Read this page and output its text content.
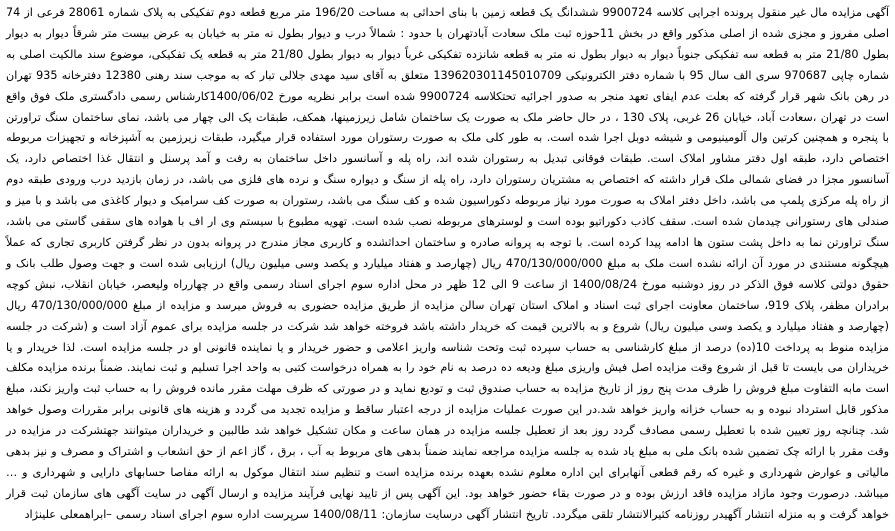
آگهی مزایده مال غیر منقول پرونده اجرایی کلاسه 9900724 ششدانگ یک قطعه زمین با بنای احداثی به مساحت 196/20 متر مربع قطعه دوم تفکیکی به پلاک شماره 28061 فرعی از 74 اصلی مفروز و مجزی شده از اصلی مذکور واقع در بخش 11حوزه ثبت ملک سعادت آبادتهران با حدود : شمالاً درب و دیوار بطول نه متر به خیابان به عرض بیست متر شرقاً دیوار به دیوار بطول 21/80 متر به قطعه سه تفکیکی جنوباً دیوار به دیوار بطول نه متر به قطعه شانزده تفکیکی غرباً دیوار به دیوار بطول 21/80 متر به قطعه یک تفکیکی، موضوع سند مالکیت اصلی به شماره چاپی 970687 سری الف سال 95 با شماره دفتر الکترونیکی 139620301145010709 متعلق به آقای سید مهدی جلالی تبار که به موجب سند رهنی 12380 دفترخانه 935 تهران در رهن بانک شهر قرار گرفته که بعلت عدم ایفای تعهد منجر به صدور اجرائیه تحتکلاسه 9900724 شده است برابر نظریه مورخ 1400/06/02کارشناس رسمی دادگستری ملک فوق واقع است در تهران ،سعادت آباد، خیابان 26 غربی، پلاک 130 ، در حال حاضر ملک به صورت یک ساختمان شامل زیرزمینها، همکف، طبقات یک الی چهار می باشد، نمای ساختمان سنگ تراورتن با پنجره و همچنین کرتین وال آلومینیومی و شیشه دوبل اجرا شده است. به طور کلی ملک به صورت رستوران مورد استفاده قرار میگیرد، طبقات زیرزمین به آشپزخانه و تجهیزات مربوطه اختصاص دارد، طبقه اول دفتر مشاور املاک است. طبقات فوقانی تبدیل به رستوران شده اند، راه پله و آسانسور داخل ساختمان به رفت و آمد پرسنل و انتقال غذا اختصاص دارد، یک آسانسور مجزا در فضای شمالی ملک قرار داشته که اختصاص به مشتریان رستوران دارد، راه پله از سنگ و دیواره سنگ و نرده های فلزی می باشد، در زمان بازدید درب ورودی طبقه دوم از راه پله مرکزی پلمپ می باشد، داخل دفتر املاک به صورت مورد نیاز مربوطه دکوراسیون شده و کف سنگ می باشد، رستوران به صورت کف سرامیک و دیوار کاغذی می باشد و با میز و صندلی های رستورانی چیدمان شده است. سقف کاذب دکوراتیو بوده است و لوسترهای مربوطه نصب شده است. تهویه مطبوع با سیستم وی ار اف با هواده های سقفی گاستی می باشد، سنگ تراورتن نما به داخل پشت ستون ها ادامه پیدا کرده است. با توجه به پروانه صادره و ساختمان احداثشده و کاربری مجاز مندرج در پروانه بدون در نظر گرفتن کاربری تجاری که عملاً هیچگونه مستندی در مورد آن ارائه نشده است ملک به مبلغ 470/130/000/000 ریال (چهارصد و هفتاد میلیارد و یکصد وسی میلیون ریال) ارزیابی شده است و جهت وصول طلب بانک و حقوق دولتی کلاسه فوق الذکر در روز دوشنبه مورخ 1400/08/24 از ساعت 9 الی 12 ظهر در محل اداره سوم اجرای اسناد رسمی واقع در چهارراه ولیعصر، خیابان انقلاب، نبش کوچه برادران مظفر، پلاک 919، ساختمان معاونت اجرای ثبت اسناد و املاک استان تهران سالن مزایده از طریق مزایده حضوری به فروش میرسد و مزایده از مبلغ 470/130/000/000 ریال (چهارصد و هفتاد میلیارد و یکصد وسی میلیون ریال) شروع و به بالاترین قیمت که خریدار داشته باشد فروخته خواهد شد شرکت در جلسه مزایده برای عموم آزاد است و (شرکت در جلسه مزایده منوط به پرداخت 10(ده) درصد از مبلغ کارشناسی به حساب سپرده ثبت وتحت شناسه واریز اعلامی و حضور خریدار و یا نماینده قانونی او در جلسه مزایده است. لذا خریدار و یا خریداران می بایست تا قبل از شروع وقت مزایده اصل فیش واریزی مبلغ ودیعه ده درصد به نام خود را به همراه درخواست کتبی به واحد اجرا تسلیم و ثبت نمایند. ضمناً برنده مزایده مکلف است مابه التفاوت مبلغ فروش را ظرف مدت پنج روز از تاریخ مزایده به حساب صندوق ثبت و تودیع نماید و در صورتی که ظرف مهلت مقرر مانده فروش را به حساب ثبت واریز نکند، مبلغ مذکور قابل استرداد نبوده و به حساب خزانه واریز خواهد شد.در این صورت عملیات مزایده از درجه اعتبار ساقط و مزایده تجدید می گردد و هزینه های قانونی برابر مقررات وصول خواهد شد. چنانچه روز تعیین شده با تعطیل رسمی مصادف گردد روز بعد از تعطیل جلسه مزایده در همان ساعت و مکان تشکیل خواهد شد طالبین و خریداران میتوانند جهتشرکت در مزایده در وقت مقرر با ارائه چک تضمین شده بانک ملی به مبلغ یاد شده به جلسه مزایده مراجعه نمایند ضمناً بدهی های مربوط به آب ، برق ، گاز اعم از حق انشعاب و اشتراک و مصرف و نیز بدهی مالیاتی و عوارض شهرداری و غیره که رقم قطعی آنهابرای این اداره معلوم نشده بعهده برنده مزایده است و تنظیم سند انتقال موکول به ارائه مفاصا حسابهای دارایی و شهرداری و … میباشد. درصورت وجود مازاد مزایده فاقد ارزش بوده و در صورت بقاء حضور خواهد بود. این آگهی پس از تایید نهایی فرآیند مزایده و ارسال آگهی در سایت آگهی های سازمان ثبت قرار خواهد گرفت و به منزله انتشار آگهیدر روزنامه کثیرالانتشار تلقی میگردد. تاریخ انتشار آگهی درسایت سازمان: 1400/08/11 سرپرست اداره سوم اجرای اسناد رسمی –ابراهمعلی علینژاد
